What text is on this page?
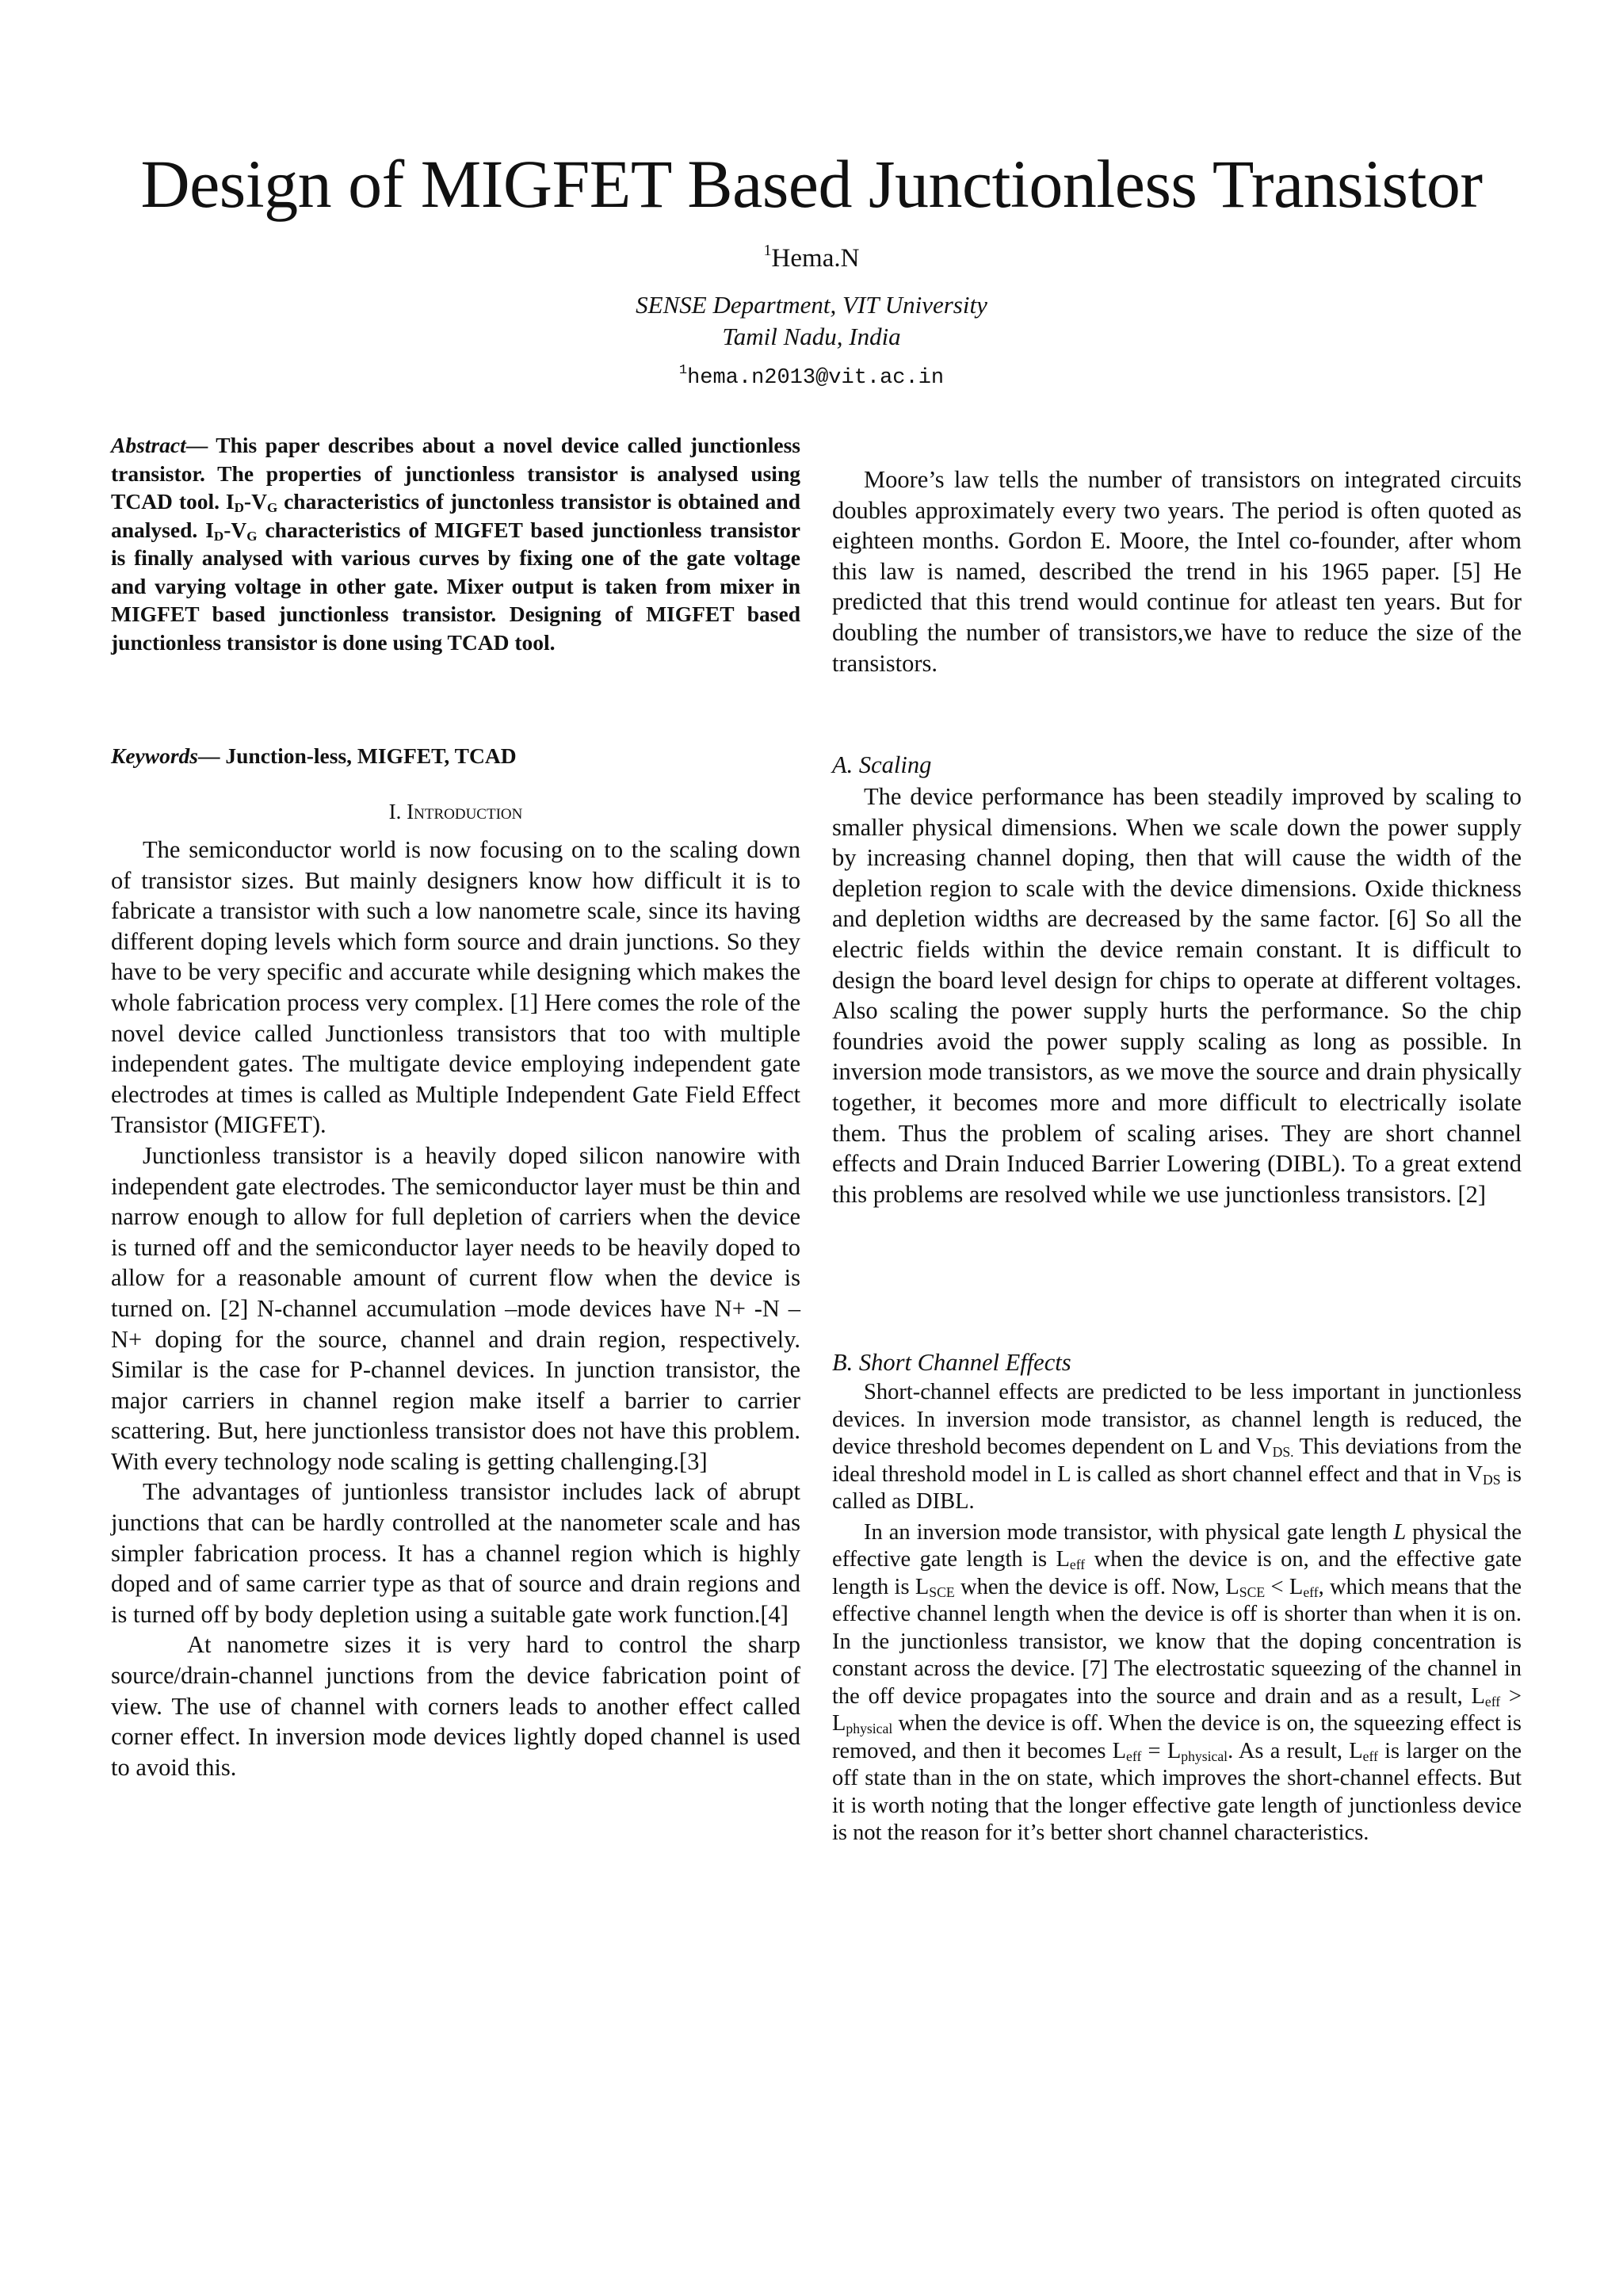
Design of MIGFET Based Junctionless Transistor
$^1$Hema.N
SENSE Department, VIT University
Tamil Nadu, India
$^1$hema.n2013@vit.ac.in
Abstract— This paper describes about a novel device called junctionless transistor. The properties of junctionless transistor is analysed using TCAD tool. $I_D-V_G$ characteristics of junctonless transistor is obtained and analysed. $I_D-V_G$ characteristics of MIGFET based junctionless transistor is finally analysed with various curves by fixing one of the gate voltage and varying voltage in other gate. Mixer output is taken from mixer in MIGFET based junctionless transistor. Designing of MIGFET based junctionless transistor is done using TCAD tool.
Keywords— Junction-less, MIGFET, TCAD
I. Introduction

The semiconductor world is now focusing on to the scaling down of transistor sizes. But mainly designers know how difficult it is to fabricate a transistor with such a low nanometre scale, since its having different doping levels which form source and drain junctions. So they have to be very specific and accurate while designing which makes the whole fabrication process very complex. [1] Here comes the role of the novel device called Junctionless transistors that too with multiple independent gates. The multigate device employing independent gate electrodes at times is called as Multiple Independent Gate Field Effect Transistor (MIGFET).

Junctionless transistor is a heavily doped silicon nanowire with independent gate electrodes. The semiconductor layer must be thin and narrow enough to allow for full depletion of carriers when the device is turned off and the semiconductor layer needs to be heavily doped to allow for a reasonable amount of current flow when the device is turned on. [2] N-channel accumulation –mode devices have N+ -N –N+ doping for the source, channel and drain region, respectively. Similar is the case for P-channel devices. In junction transistor, the major carriers in channel region make itself a barrier to carrier scattering. But, here junctionless transistor does not have this problem. With every technology node scaling is getting challenging.[3]

The advantages of juntionless transistor includes lack of abrupt junctions that can be hardly controlled at the nanometer scale and has simpler fabrication process. It has a channel region which is highly doped and of same carrier type as that of source and drain regions and is turned off by body depletion using a suitable gate work function.[4]

At nanometre sizes it is very hard to control the sharp source/drain-channel junctions from the device fabrication point of view. The use of channel with corners leads to another effect called corner effect. In inversion mode devices lightly doped channel is used to avoid this.

Moore’s law tells the number of transistors on integrated circuits doubles approximately every two years. The period is often quoted as eighteen months. Gordon E. Moore, the Intel co-founder, after whom this law is named, described the trend in his 1965 paper. [5] He predicted that this trend would continue for atleast ten years. But for doubling the number of transistors,we have to reduce the size of the transistors.

A. Scaling

The device performance has been steadily improved by scaling to smaller physical dimensions. When we scale down the power supply by increasing channel doping, then that will cause the width of the depletion region to scale with the device dimensions. Oxide thickness and depletion widths are decreased by the same factor. [6] So all the electric fields within the device remain constant. It is difficult to design the board level design for chips to operate at different voltages. Also scaling the power supply hurts the performance. So the chip foundries avoid the power supply scaling as long as possible. In inversion mode transistors, as we move the source and drain physically together, it becomes more and more difficult to electrically isolate them. Thus the problem of scaling arises. They are short channel effects and Drain Induced Barrier Lowering (DIBL). To a great extend this problems are resolved while we use junctionless transistors. [2]

B. Short Channel Effects

Short-channel effects are predicted to be less important in junctionless devices. In inversion mode transistor, as channel length is reduced, the device threshold becomes dependent on L and $V_{DS.}$ This deviations from the ideal threshold model in L is called as short channel effect and that in $V_{DS}$ is called as DIBL.

In an inversion mode transistor, with physical gate length L physical the effective gate length is $L_{eff}$ when the device is on, and the effective gate length is $L_{SCE}$ when the device is off. Now, $L_{SCE} < L_{eff}$, which means that the effective channel length when the device is off is shorter than when it is on. In the junctionless transistor, we know that the doping concentration is constant across the device. [7] The electrostatic squeezing of the channel in the off device propagates into the source and drain and as a result, $L_{eff} > L_{physical}$ when the device is off. When the device is on, the squeezing effect is removed, and then it becomes $L_{eff} = L_{physical}$. As a result, $L_{eff}$ is larger on the off state than in the on state, which improves the short-channel effects. But it is worth noting that the longer effective gate length of junctionless device is not the reason for it’s better short channel characteristics.
